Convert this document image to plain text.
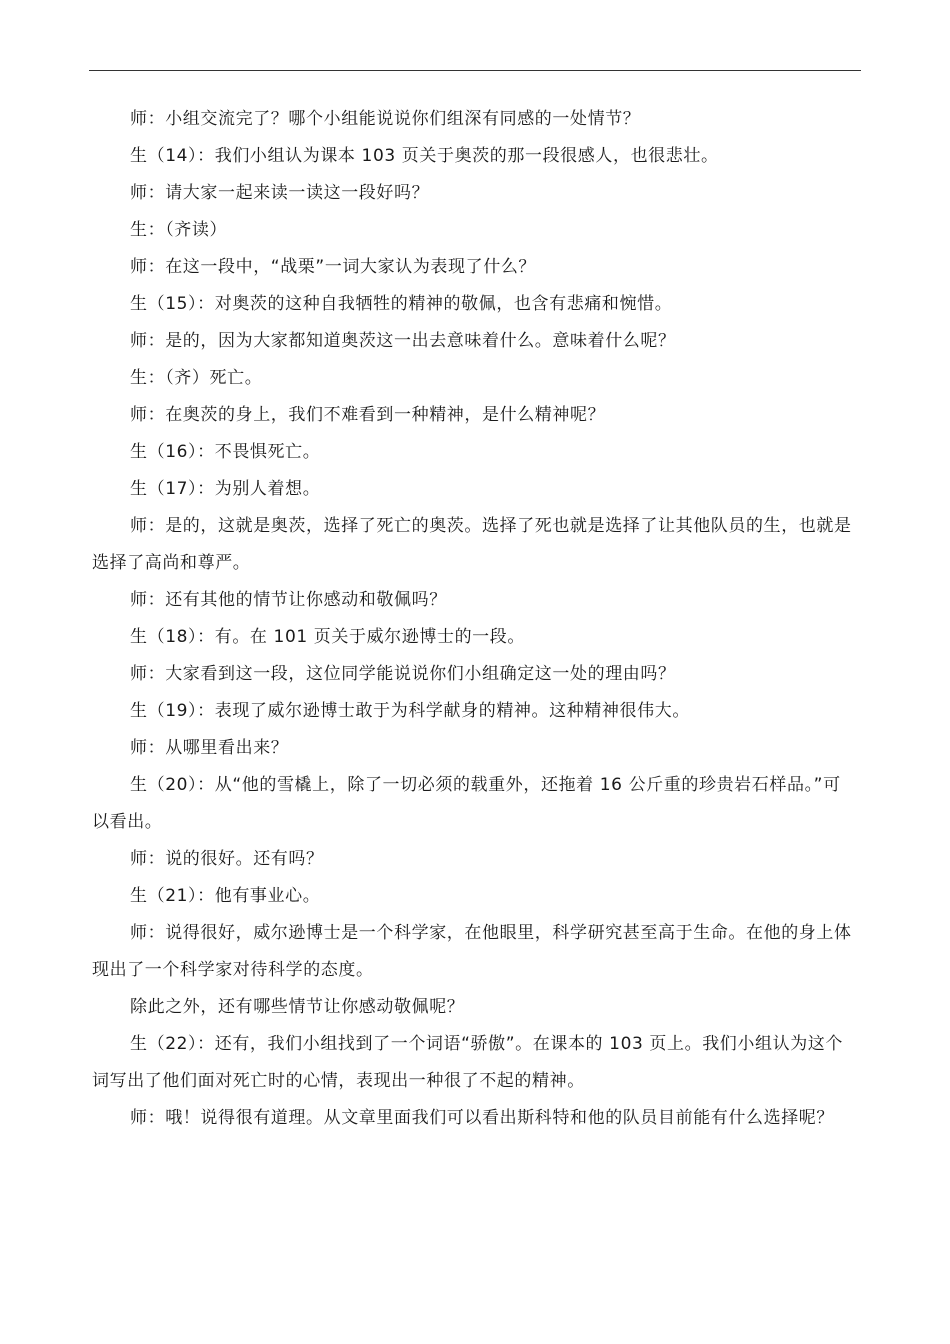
师：小组交流完了？哪个小组能说说你们组深有同感的一处情节？

生（14）：我们小组认为课本 103 页关于奥茨的那一段很感人，也很悲壮。

师：请大家一起来读一读这一段好吗？

生：（齐读）

师：在这一段中，“战栗”一词大家认为表现了什么？

生（15）：对奥茨的这种自我牺牲的精神的敬佩，也含有悲痛和惋惜。

师：是的，因为大家都知道奥茨这一出去意味着什么。意味着什么呢？

生：（齐）死亡。

师：在奥茨的身上，我们不难看到一种精神，是什么精神呢？

生（16）：不畏惧死亡。

生（17）：为别人着想。

师：是的，这就是奥茨，选择了死亡的奥茨。选择了死也就是选择了让其他队员的生，也就是选择了高尚和尊严。

师：还有其他的情节让你感动和敬佩吗？

生（18）：有。在 101 页关于威尔逊博士的一段。

师：大家看到这一段，这位同学能说说你们小组确定这一处的理由吗？

生（19）：表现了威尔逊博士敢于为科学献身的精神。这种精神很伟大。

师：从哪里看出来？

生（20）：从“他的雪橇上，除了一切必须的载重外，还拖着 16 公斤重的珍贵岩石样品。”可以看出。

师：说的很好。还有吗？

生（21）：他有事业心。

师：说得很好，威尔逊博士是一个科学家，在他眼里，科学研究甚至高于生命。在他的身上体现出了一个科学家对待科学的态度。

除此之外，还有哪些情节让你感动敬佩呢？

生（22）：还有，我们小组找到了一个词语“骄傲”。在课本的 103 页上。我们小组认为这个词写出了他们面对死亡时的心情，表现出一种很了不起的精神。

师：哦！说得很有道理。从文章里面我们可以看出斯科特和他的队员目前能有什么选择呢？
